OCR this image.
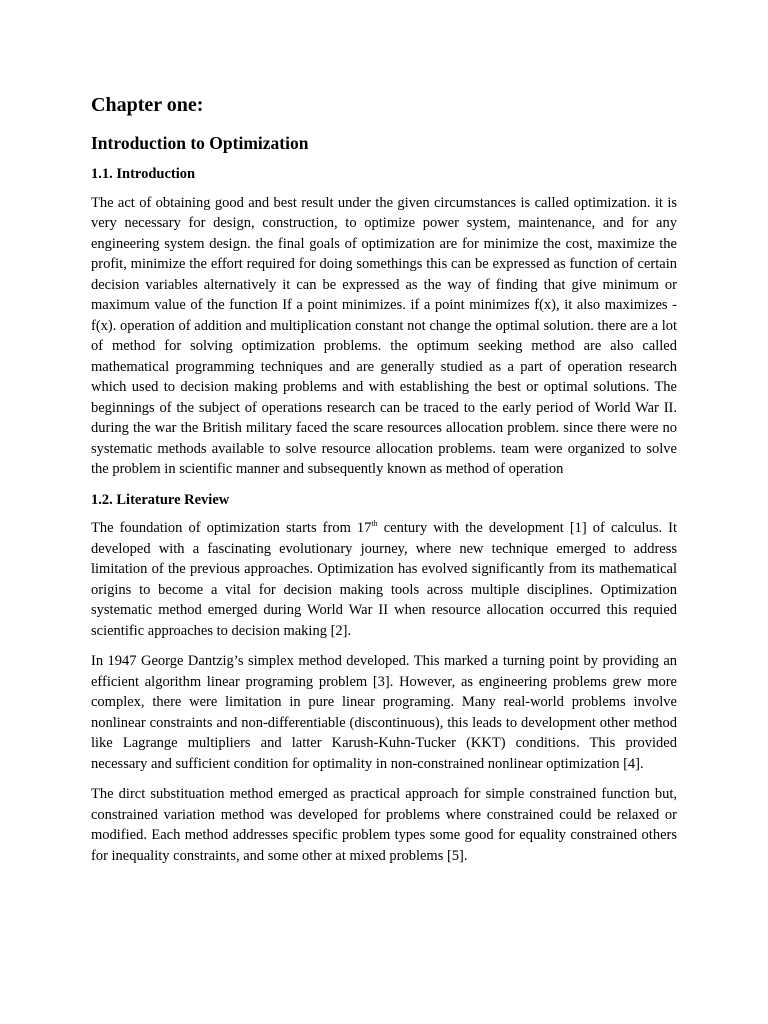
Chapter one:
Introduction to Optimization
1.1. Introduction

The act of obtaining good and best result under the given circumstances is called optimization. it is very necessary for design, construction, to optimize power system, maintenance, and for any engineering system design. the final goals of optimization are for minimize the cost, maximize the profit, minimize the effort required for doing somethings this can be expressed as function of certain decision variables alternatively it can be expressed as the way of finding that give minimum or maximum value of the function If a point minimizes. if a point minimizes f(x), it also maximizes -f(x). operation of addition and multiplication constant not change the optimal solution. there are a lot of method for solving optimization problems. the optimum seeking method are also called mathematical programming techniques and are generally studied as a part of operation research which used to decision making problems and with establishing the best or optimal solutions. The beginnings of the subject of operations research can be traced to the early period of World War II. during the war the British military faced the scare resources allocation problem. since there were no systematic methods available to solve resource allocation problems. team were organized to solve the problem in scientific manner and subsequently known as method of operation

1.2. Literature Review

The foundation of optimization starts from 17th century with the development [1] of calculus. It developed with a fascinating evolutionary journey, where new technique emerged to address limitation of the previous approaches. Optimization has evolved significantly from its mathematical origins to become a vital for decision making tools across multiple disciplines. Optimization systematic method emerged during World War II when resource allocation occurred this requied scientific approaches to decision making [2].

In 1947 George Dantzig’s simplex method developed. This marked a turning point by providing an efficient algorithm linear programing problem [3]. However, as engineering problems grew more complex, there were limitation in pure linear programing. Many real-world problems involve nonlinear constraints and non-differentiable (discontinuous), this leads to development other method like Lagrange multipliers and latter Karush-Kuhn-Tucker (KKT) conditions. This provided necessary and sufficient condition for optimality in non-constrained nonlinear optimization [4].

The dirct substituation method emerged as practical approach for simple constrained function but, constrained variation method was developed for problems where constrained could be relaxed or modified. Each method addresses specific problem types some good for equality constrained others for inequality constraints, and some other at mixed problems [5].
